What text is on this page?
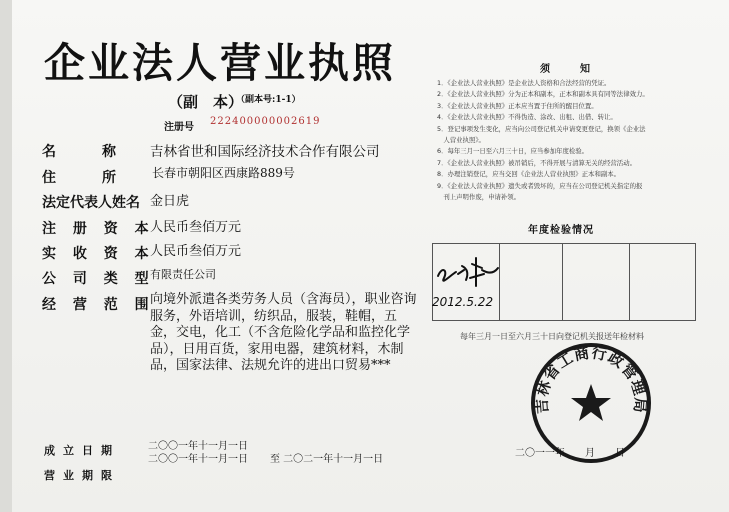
企业法人营业执照
（副　本）
（副本号:1-1）
注册号
222400000002619
名　　称 吉林省世和国际经济技术合作有限公司
住　　所	长春市朝阳区西康路889号
法定代表人姓名 金日虎
注 册 资 本
人民币叁佰万元
实 收 资 本
人民币叁佰万元
公 司 类 型
有限责任公司
经 营 范 围
向境外派遣各类劳务人员（含海员），职业咨询服务，外语培训，纺织品，服装，鞋帽，五金，交电，化工（不含危险化学品和监控化学品），日用百货，家用电器，建筑材料，木制品，国家法律、法规允许的进出口贸易***
成立日期	二〇〇一年十一月一日
营业期限
二〇〇一年十一月一日 至 二〇二一年十一月一日
须　知
1．《企业法人营业执照》是企业法人资格和合法经营的凭证。
2．《企业法人营业执照》分为正本和副本，正本和副本具有同等法律效力。
3．《企业法人营业执照》正本应当置于住所的醒目位置。
4．《企业法人营业执照》不得伪造、涂改、出租、出借、转让。
5．登记事项发生变化，应当向公司登记机关申请变更登记，换领《企业法
　人营业执照》。
6．每年三月一日至六月三十日，应当参加年度检验。
7．《企业法人营业执照》被吊销后，不得开展与清算无关的经营活动。
8．办理注销登记，应当交回《企业法人营业执照》正本和副本。
9．《企业法人营业执照》遗失或者毁坏的，应当在公司登记机关指定的报
　刊上声明作废，申请补领。
年度检验情况
2012.5.22
每年三月一日至六月三十日向登记机关报送年检材料
吉林省工商行政管理局
二〇一一年　　月　　日
